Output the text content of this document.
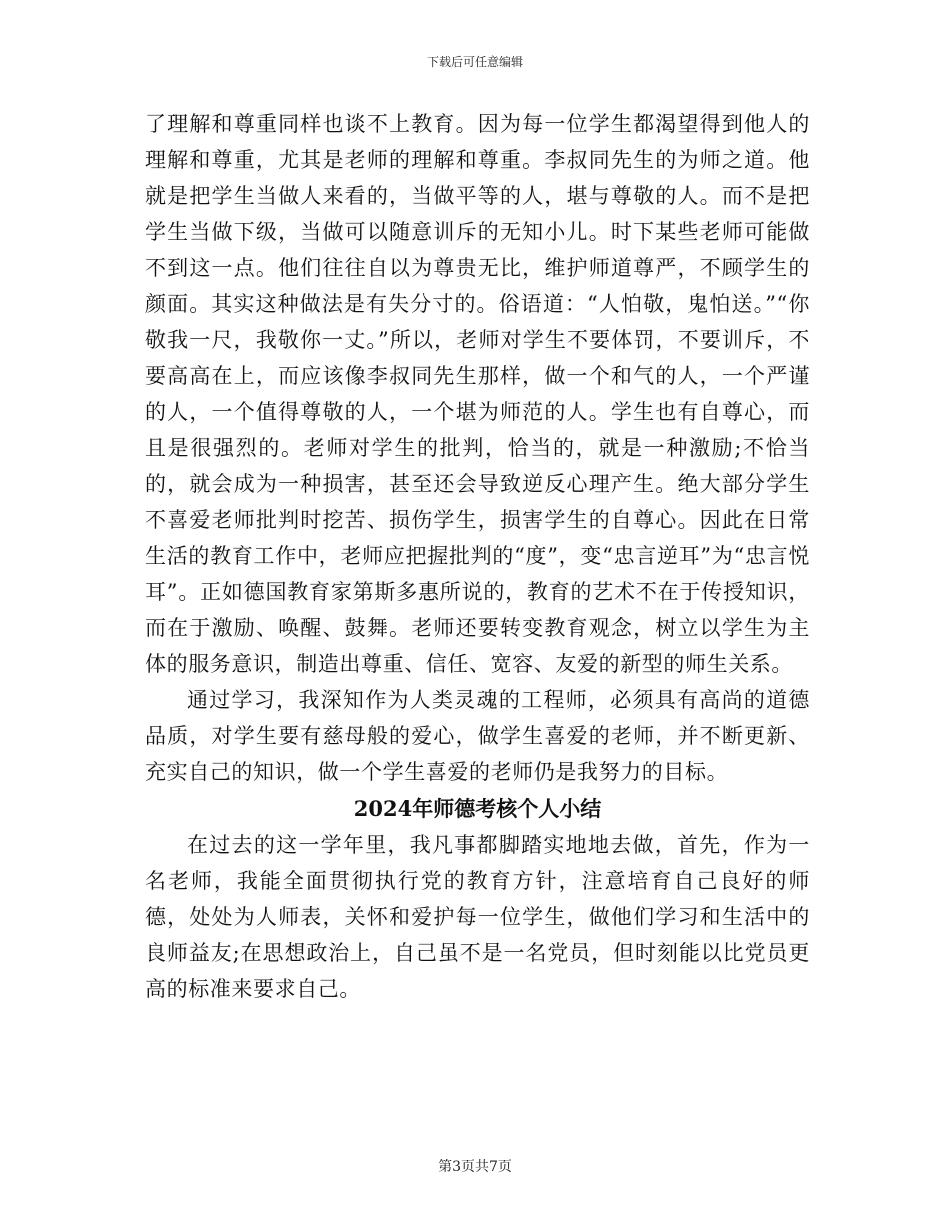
下载后可任意编辑

了理解和尊重同样也谈不上教育。因为每一位学生都渴望得到他人的理解和尊重，尤其是老师的理解和尊重。李叔同先生的为师之道。他就是把学生当做人来看的，当做平等的人，堪与尊敬的人。而不是把学生当做下级，当做可以随意训斥的无知小儿。时下某些老师可能做不到这一点。他们往往自以为尊贵无比，维护师道尊严，不顾学生的颜面。其实这种做法是有失分寸的。俗语道：“人怕敬，鬼怕送。”“你敬我一尺，我敬你一丈。”所以，老师对学生不要体罚，不要训斥，不要高高在上，而应该像李叔同先生那样，做一个和气的人，一个严谨的人，一个值得尊敬的人，一个堪为师范的人。学生也有自尊心，而且是很强烈的。老师对学生的批判，恰当的，就是一种激励;不恰当的，就会成为一种损害，甚至还会导致逆反心理产生。绝大部分学生不喜爱老师批判时挖苦、损伤学生，损害学生的自尊心。因此在日常生活的教育工作中，老师应把握批判的“度”，变“忠言逆耳”为“忠言悦耳”。正如德国教育家第斯多惠所说的，教育的艺术不在于传授知识，而在于激励、唤醒、鼓舞。老师还要转变教育观念，树立以学生为主体的服务意识，制造出尊重、信任、宽容、友爱的新型的师生关系。

通过学习，我深知作为人类灵魂的工程师，必须具有高尚的道德品质，对学生要有慈母般的爱心，做学生喜爱的老师，并不断更新、充实自己的知识，做一个学生喜爱的老师仍是我努力的目标。

2024年师德考核个人小结

在过去的这一学年里，我凡事都脚踏实地地去做，首先，作为一名老师，我能全面贯彻执行党的教育方针，注意培育自己良好的师德，处处为人师表，关怀和爱护每一位学生，做他们学习和生活中的良师益友;在思想政治上，自己虽不是一名党员，但时刻能以比党员更高的标准来要求自己。

第3页共7页
